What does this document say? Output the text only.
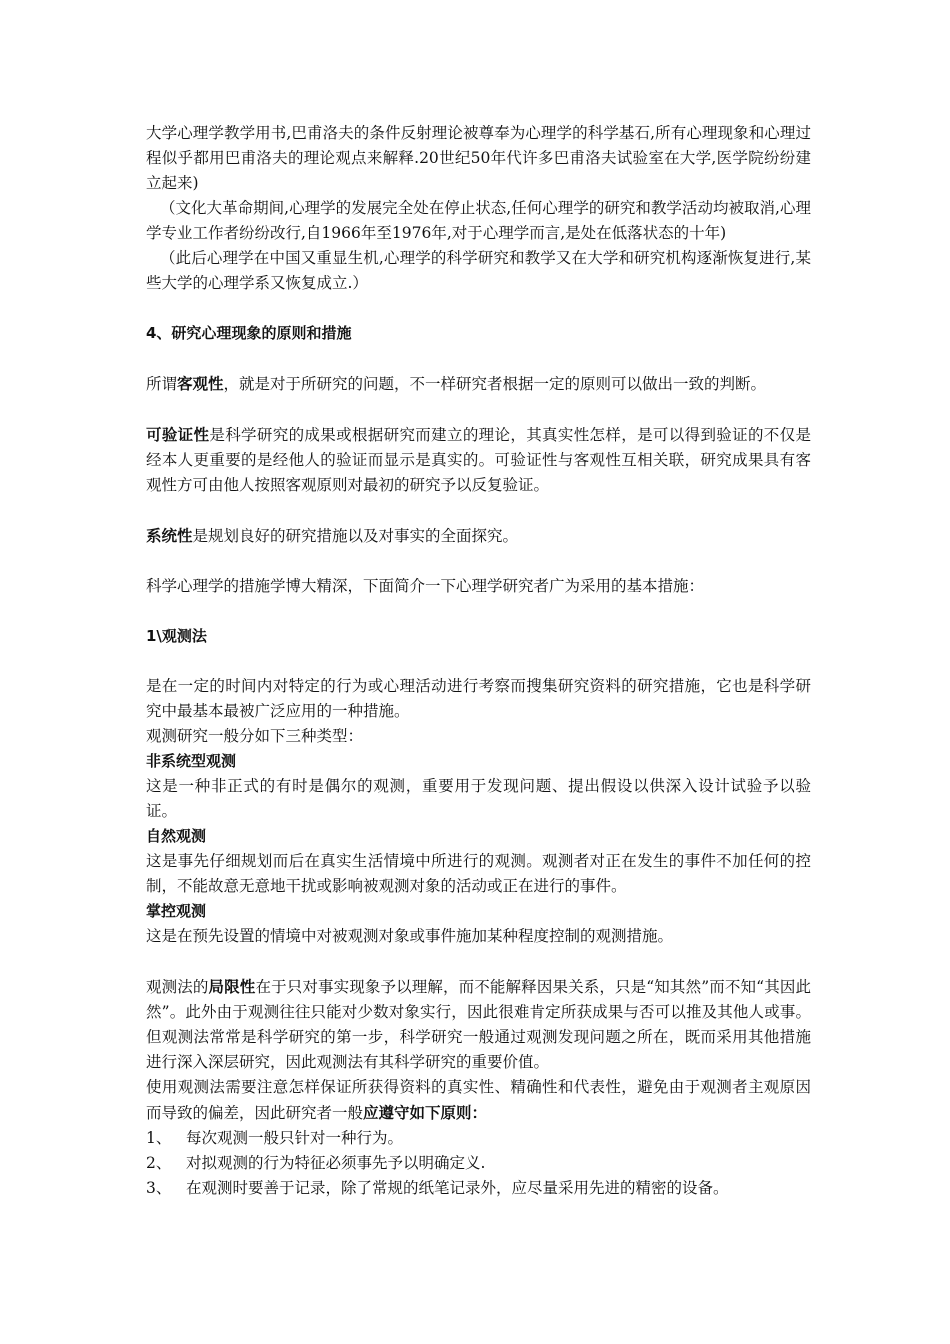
大学心理学教学用书,巴甫洛夫的条件反射理论被尊奉为心理学的科学基石,所有心理现象和心理过程似乎都用巴甫洛夫的理论观点来解释.20世纪50年代许多巴甫洛夫试验室在大学,医学院纷纷建立起来)

（文化大革命期间,心理学的发展完全处在停止状态,任何心理学的研究和教学活动均被取消,心理学专业工作者纷纷改行,自1966年至1976年,对于心理学而言,是处在低落状态的十年)

（此后心理学在中国又重显生机,心理学的科学研究和教学又在大学和研究机构逐渐恢复进行,某些大学的心理学系又恢复成立.）

4、研究心理现象的原则和措施

所谓客观性，就是对于所研究的问题，不一样研究者根据一定的原则可以做出一致的判断。

可验证性是科学研究的成果或根据研究而建立的理论，其真实性怎样，是可以得到验证的不仅是经本人更重要的是经他人的验证而显示是真实的。可验证性与客观性互相关联，研究成果具有客观性方可由他人按照客观原则对最初的研究予以反复验证。

系统性是规划良好的研究措施以及对事实的全面探究。

科学心理学的措施学博大精深，下面简介一下心理学研究者广为采用的基本措施：

1\观测法

是在一定的时间内对特定的行为或心理活动进行考察而搜集研究资料的研究措施，它也是科学研究中最基本最被广泛应用的一种措施。

观测研究一般分如下三种类型：

非系统型观测

这是一种非正式的有时是偶尔的观测，重要用于发现问题、提出假设以供深入设计试验予以验证。

自然观测

这是事先仔细规划而后在真实生活情境中所进行的观测。观测者对正在发生的事件不加任何的控制，不能故意无意地干扰或影响被观测对象的活动或正在进行的事件。

掌控观测

这是在预先设置的情境中对被观测对象或事件施加某种程度控制的观测措施。

观测法的局限性在于只对事实现象予以理解，而不能解释因果关系，只是“知其然”而不知“其因此然”。此外由于观测往往只能对少数对象实行，因此很难肯定所获成果与否可以推及其他人或事。但观测法常常是科学研究的第一步，科学研究一般通过观测发现问题之所在，既而采用其他措施进行深入深层研究，因此观测法有其科学研究的重要价值。

使用观测法需要注意怎样保证所获得资料的真实性、精确性和代表性，避免由于观测者主观原因而导致的偏差，因此研究者一般应遵守如下原则：

1、 每次观测一般只针对一种行为。
2、 对拟观测的行为特征必须事先予以明确定义.
3、 在观测时要善于记录，除了常规的纸笔记录外，应尽量采用先进的精密的设备。
